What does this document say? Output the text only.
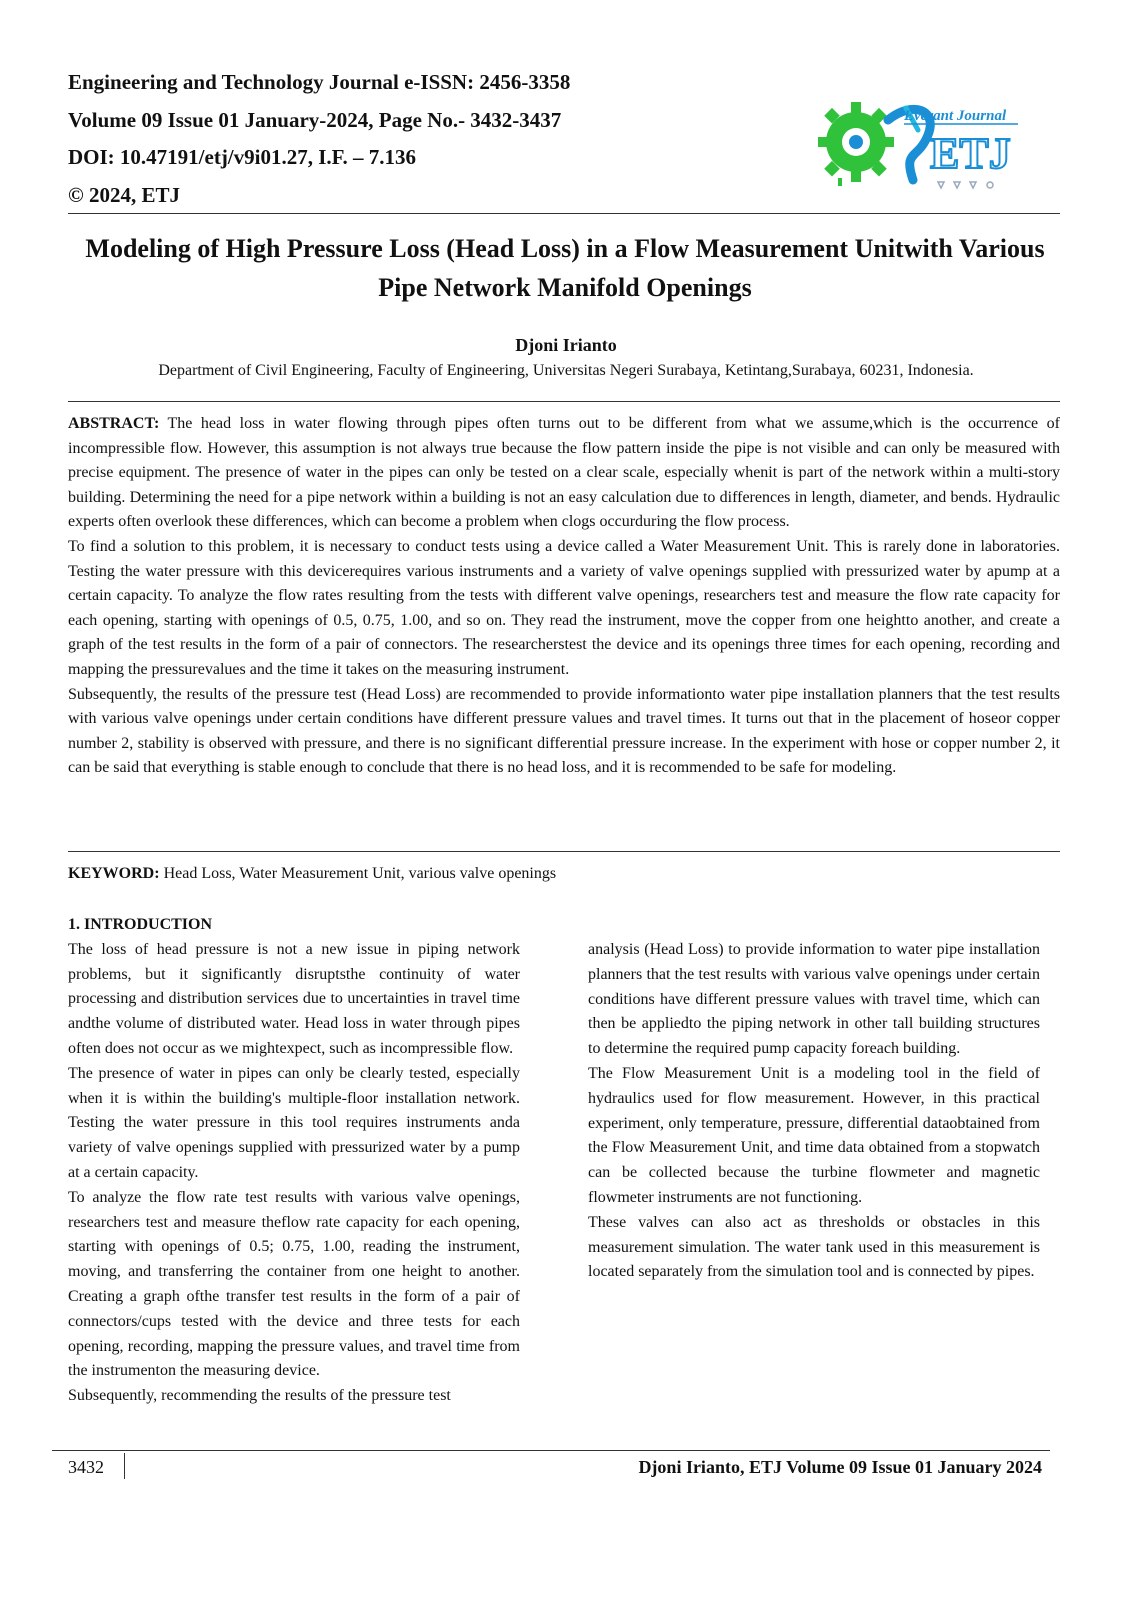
Engineering and Technology Journal e-ISSN: 2456-3358
Volume 09 Issue 01 January-2024, Page No.- 3432-3437
DOI: 10.47191/etj/v9i01.27, I.F. – 7.136
© 2024, ETJ
Everant Journal
ETJ
Modeling of High Pressure Loss (Head Loss) in a Flow Measurement Unitwith Various Pipe Network Manifold Openings
Djoni Irianto
Department of Civil Engineering, Faculty of Engineering, Universitas Negeri Surabaya, Ketintang,Surabaya, 60231, Indonesia.

ABSTRACT: The head loss in water flowing through pipes often turns out to be different from what we assume,which is the occurrence of incompressible flow. However, this assumption is not always true because the flow pattern inside the pipe is not visible and can only be measured with precise equipment. The presence of water in the pipes can only be tested on a clear scale, especially whenit is part of the network within a multi-story building. Determining the need for a pipe network within a building is not an easy calculation due to differences in length, diameter, and bends. Hydraulic experts often overlook these differences, which can become a problem when clogs occurduring the flow process.

To find a solution to this problem, it is necessary to conduct tests using a device called a Water Measurement Unit. This is rarely done in laboratories. Testing the water pressure with this devicerequires various instruments and a variety of valve openings supplied with pressurized water by apump at a certain capacity. To analyze the flow rates resulting from the tests with different valve openings, researchers test and measure the flow rate capacity for each opening, starting with openings of 0.5, 0.75, 1.00, and so on. They read the instrument, move the copper from one heightto another, and create a graph of the test results in the form of a pair of connectors. The researcherstest the device and its openings three times for each opening, recording and mapping the pressurevalues and the time it takes on the measuring instrument.

Subsequently, the results of the pressure test (Head Loss) are recommended to provide informationto water pipe installation planners that the test results with various valve openings under certain conditions have different pressure values and travel times. It turns out that in the placement of hoseor copper number 2, stability is observed with pressure, and there is no significant differential pressure increase. In the experiment with hose or copper number 2, it can be said that everything is stable enough to conclude that there is no head loss, and it is recommended to be safe for modeling.

KEYWORD: Head Loss, Water Measurement Unit, various valve openings
1. INTRODUCTION

The loss of head pressure is not a new issue in piping network problems, but it significantly disruptsthe continuity of water processing and distribution services due to uncertainties in travel time andthe volume of distributed water. Head loss in water through pipes often does not occur as we mightexpect, such as incompressible flow.

The presence of water in pipes can only be clearly tested, especially when it is within the building's multiple-floor installation network. Testing the water pressure in this tool requires instruments anda variety of valve openings supplied with pressurized water by a pump at a certain capacity.

To analyze the flow rate test results with various valve openings, researchers test and measure theflow rate capacity for each opening, starting with openings of 0.5; 0.75, 1.00, reading the instrument, moving, and transferring the container from one height to another. Creating a graph ofthe transfer test results in the form of a pair of connectors/cups tested with the device and three tests for each opening, recording, mapping the pressure values, and travel time from the instrumenton the measuring device.

Subsequently, recommending the results of the pressure test

analysis (Head Loss) to provide information to water pipe installation planners that the test results with various valve openings under certain conditions have different pressure values with travel time, which can then be appliedto the piping network in other tall building structures to determine the required pump capacity foreach building.

The Flow Measurement Unit is a modeling tool in the field of hydraulics used for flow measurement. However, in this practical experiment, only temperature, pressure, differential dataobtained from the Flow Measurement Unit, and time data obtained from a stopwatch can be collected because the turbine flowmeter and magnetic flowmeter instruments are not functioning.

These valves can also act as thresholds or obstacles in this measurement simulation. The water tank used in this measurement is located separately from the simulation tool and is connected by pipes.

3432	Djoni Irianto, ETJ Volume 09 Issue 01 January 2024
